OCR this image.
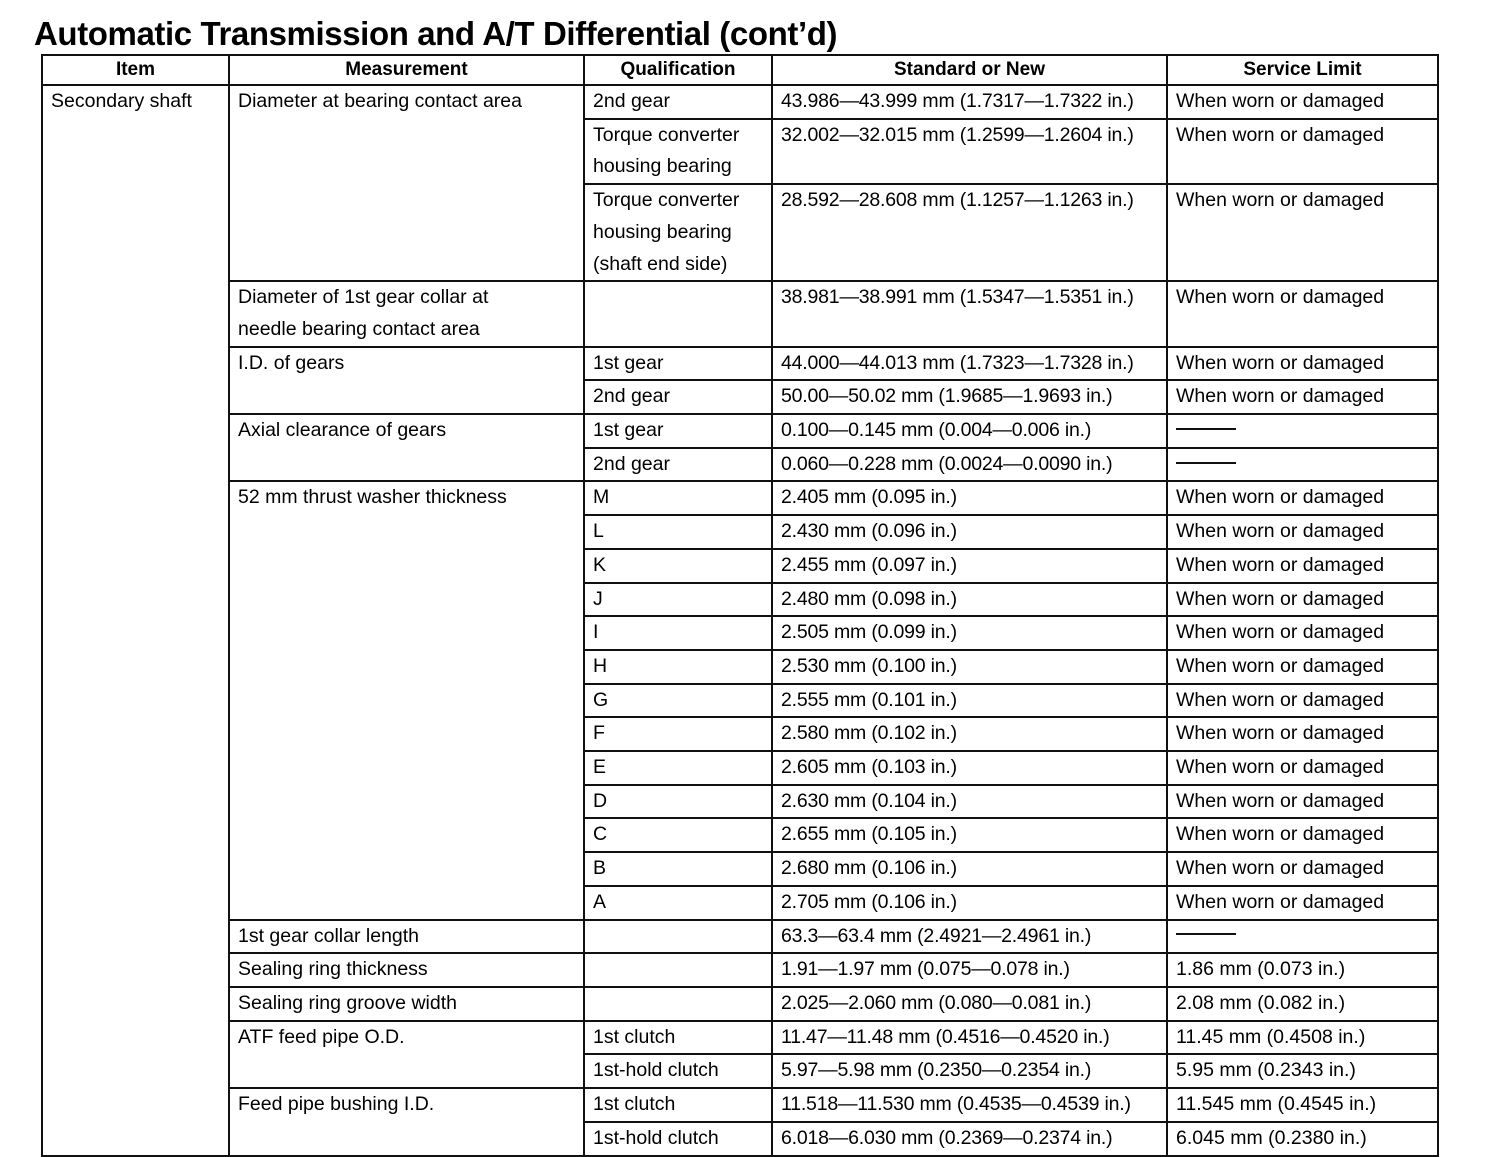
Automatic Transmission and A/T Differential (cont’d)
Item	Measurement	Qualification	Standard or New	Service Limit
Secondary shaft	Diameter at bearing contact area	2nd gear	43.986—43.999 mm (1.7317—1.7322 in.)	When worn or damaged

		Torque converter
housing bearing	32.002—32.015 mm (1.2599—1.2604 in.)	When worn or damaged

		Torque converter
housing bearing
(shaft end side)	28.592—28.608 mm (1.1257—1.1263 in.)	When worn or damaged

	Diameter of 1st gear collar at
needle bearing contact area		38.981—38.991 mm (1.5347—1.5351 in.)	When worn or damaged
	I.D. of gears	1st gear	44.000—44.013 mm (1.7323—1.7328 in.)	When worn or damaged
		2nd gear	50.00—50.02 mm (1.9685—1.9693 in.)	When worn or damaged
	Axial clearance of gears	1st gear	0.100—0.145 mm (0.004—0.006 in.)	
		2nd gear	0.060—0.228 mm (0.0024—0.0090 in.)	
	52 mm thrust washer thickness	M	2.405 mm (0.095 in.)	When worn or damaged
		L	2.430 mm (0.096 in.)	When worn or damaged
		K	2.455 mm (0.097 in.)	When worn or damaged
		J	2.480 mm (0.098 in.)	When worn or damaged
		I	2.505 mm (0.099 in.)	When worn or damaged
		H	2.530 mm (0.100 in.)	When worn or damaged
		G	2.555 mm (0.101 in.)	When worn or damaged
		F	2.580 mm (0.102 in.)	When worn or damaged
		E	2.605 mm (0.103 in.)	When worn or damaged
		D	2.630 mm (0.104 in.)	When worn or damaged
		C	2.655 mm (0.105 in.)	When worn or damaged
		B	2.680 mm (0.106 in.)	When worn or damaged
		A	2.705 mm (0.106 in.)	When worn or damaged
	1st gear collar length		63.3—63.4 mm (2.4921—2.4961 in.)	
	Sealing ring thickness		1.91—1.97 mm (0.075—0.078 in.)	1.86 mm (0.073 in.)
	Sealing ring groove width		2.025—2.060 mm (0.080—0.081 in.)	2.08 mm (0.082 in.)
	ATF feed pipe O.D.	1st clutch	11.47—11.48 mm (0.4516—0.4520 in.)	11.45 mm (0.4508 in.)
		1st-hold clutch	5.97—5.98 mm (0.2350—0.2354 in.)	5.95 mm (0.2343 in.)
	Feed pipe bushing I.D.	1st clutch	11.518—11.530 mm (0.4535—0.4539 in.)	11.545 mm (0.4545 in.)
		1st-hold clutch	6.018—6.030 mm (0.2369—0.2374 in.)	6.045 mm (0.2380 in.)
